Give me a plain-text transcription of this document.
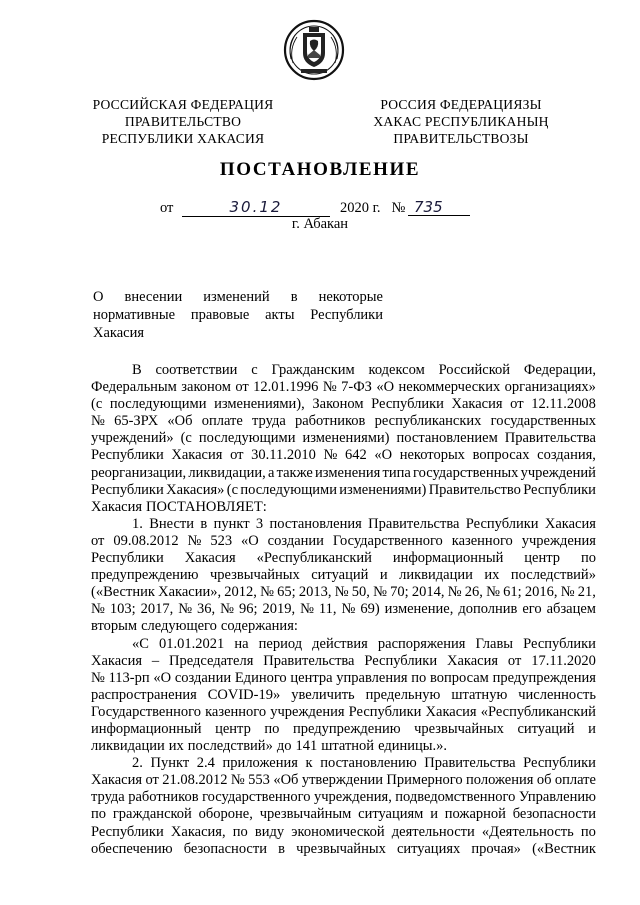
РОССИЙСКАЯ ФЕДЕРАЦИЯ
ПРАВИТЕЛЬСТВО
РЕСПУБЛИКИ ХАКАСИЯ
РОССИЯ ФЕДЕРАЦИЯЗЫ
ХАКАС РЕСПУБЛИКАНЫҢ
ПРАВИТЕЛЬСТВОЗЫ
ПОСТАНОВЛЕНИЕ
от	30.12	2020 г. № 735
г. Абакан
О внесении изменений в некоторые
нормативные правовые акты Республики
Хакасия
В соответствии с Гражданским кодексом Российской Федерации,
Федеральным законом от 12.01.1996 № 7-ФЗ «О некоммерческих организациях»
(с последующими изменениями), Законом Республики Хакасия от 12.11.2008
№ 65-ЗРХ «Об оплате труда работников республиканских государственных
учреждений» (с последующими изменениями) постановлением Правительства
Республики Хакасия от 30.11.2010 № 642 «О некоторых вопросах создания,
реорганизации, ликвидации, а также изменения типа государственных учреждений
Республики Хакасия» (с последующими изменениями) Правительство Республики
Хакасия ПОСТАНОВЛЯЕТ:
1. Внести в пункт 3 постановления Правительства Республики Хакасия
от 09.08.2012 № 523 «О создании Государственного казенного учреждения
Республики Хакасия «Республиканский информационный центр по
предупреждению чрезвычайных ситуаций и ликвидации их последствий»
(«Вестник Хакасии», 2012, № 65; 2013, № 50, № 70; 2014, № 26, № 61; 2016, № 21,
№ 103; 2017, № 36, № 96; 2019, № 11, № 69) изменение, дополнив его абзацем
вторым следующего содержания:
«С 01.01.2021 на период действия распоряжения Главы Республики
Хакасия – Председателя Правительства Республики Хакасия от 17.11.2020
№ 113-рп «О создании Единого центра управления по вопросам предупреждения
распространения COVID-19» увеличить предельную штатную численность
Государственного казенного учреждения Республики Хакасия «Республиканский
информационный центр по предупреждению чрезвычайных ситуаций и
ликвидации их последствий» до 141 штатной единицы.».
2. Пункт 2.4 приложения к постановлению Правительства Республики
Хакасия от 21.08.2012 № 553 «Об утверждении Примерного положения об оплате
труда работников государственного учреждения, подведомственного Управлению
по гражданской обороне, чрезвычайным ситуациям и пожарной безопасности
Республики Хакасия, по виду экономической деятельности «Деятельность по
обеспечению безопасности в чрезвычайных ситуациях прочая» («Вестник
